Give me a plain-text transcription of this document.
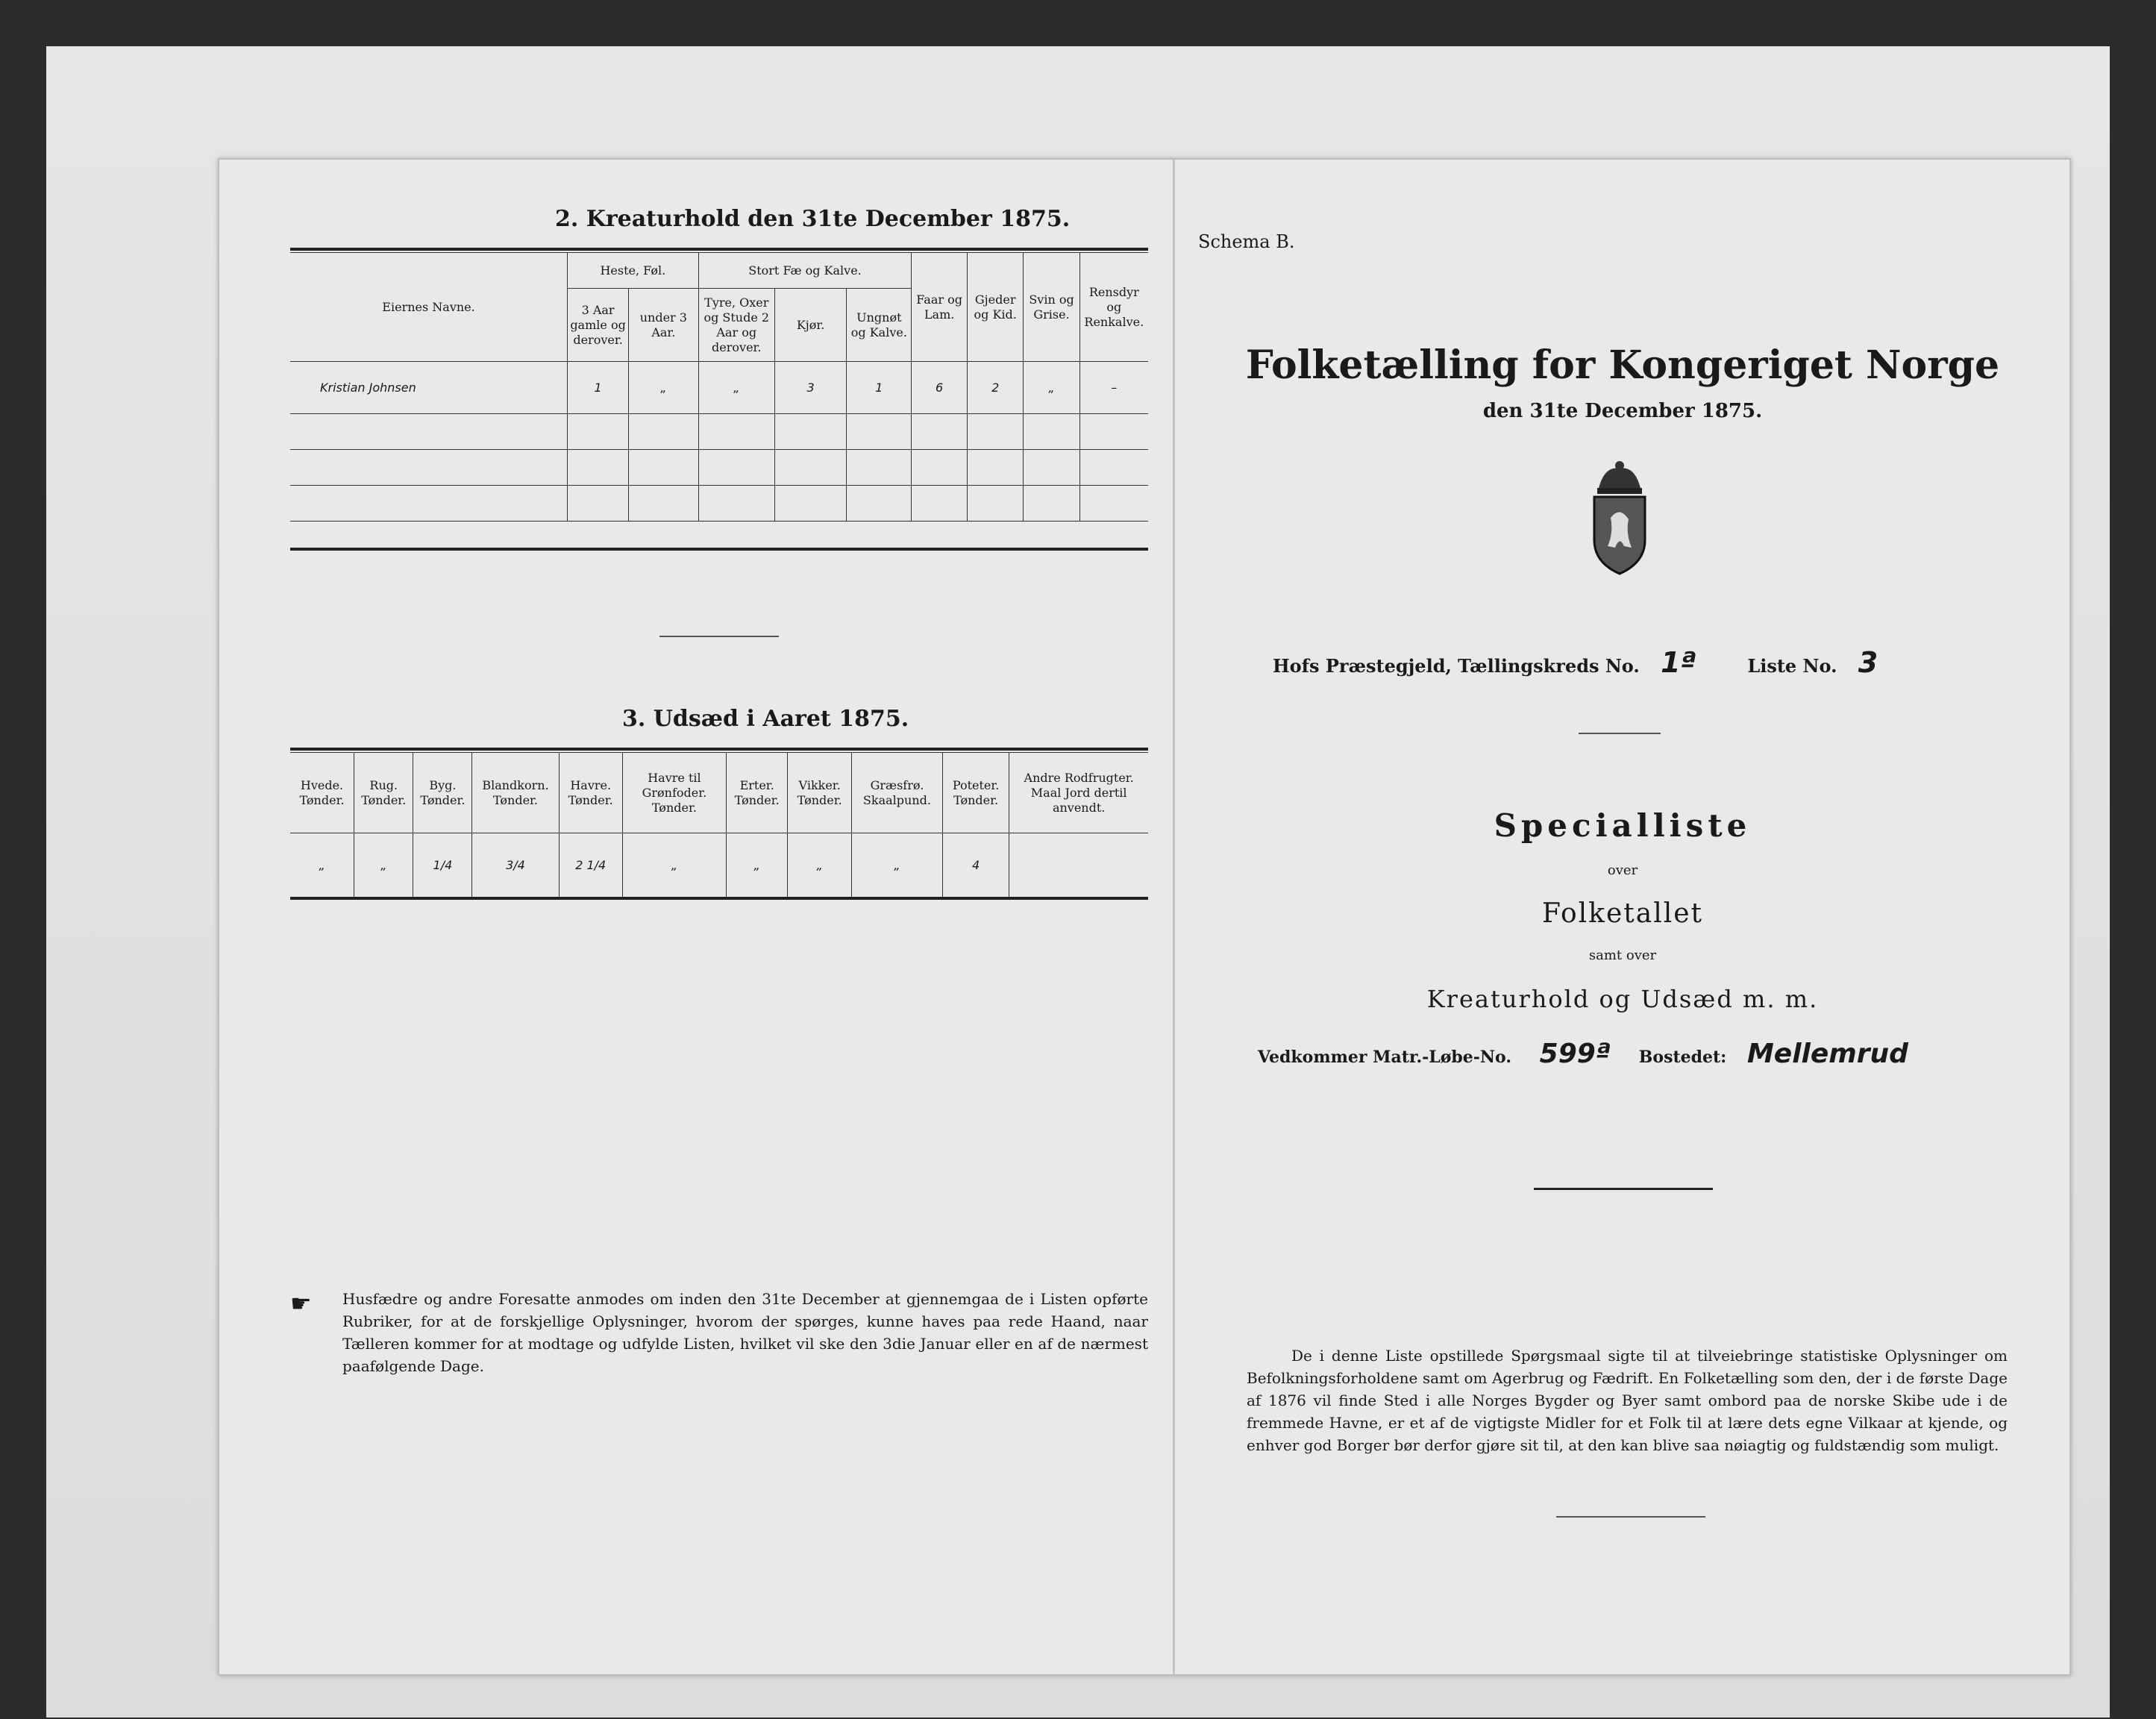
2. Kreaturhold den 31te December 1875.
Eiernes Navne.	Heste, Føl.		Stort Fæ og Kalve.			Faar og Lam.	Gjeder og Kid.	Svin og Grise.	Rensdyr og Renkalve.
	3 Aar gamle og derover.	under 3 Aar.	Tyre, Oxer og Stude 2 Aar og derover.	Kjør.	Ungnøt og Kalve.				
Kristian Johnsen	1	„	„	3	1	6	2	„	–

3. Udsæd i Aaret 1875.
Hvede. Tønder.	Rug. Tønder.	Byg. Tønder.	Blandkorn. Tønder.	Havre. Tønder.	Havre til Grønfoder. Tønder.	Erter. Tønder.	Vikker. Tønder.	Græsfrø. Skaalpund.	Poteter. Tønder.	Andre Rodfrugter. Maal Jord dertil anvendt.
„	„	1/4	3/4	2 1/4	„	„	„	„	4	
☛	Husfædre og andre Foresatte anmodes om inden den 31te December at gjennemgaa de i Listen opførte Rubriker, for at de forskjellige Oplysninger, hvorom der spørges, kunne haves paa rede Haand, naar Tælleren kommer for at modtage og udfylde Listen, hvilket vil ske den 3die Januar eller en af de nærmest paafølgende Dage.
Schema B.
Folketælling for Kongeriget Norge
den 31te December 1875.
Hofs Præstegjeld, Tællingskreds No. 1ª	Liste No. 3
Specialliste
over
Folketallet
samt over
Kreaturhold og Udsæd m. m.
Vedkommer Matr.-Løbe-No. 599ª Bostedet: Mellemrud
De i denne Liste opstillede Spørgsmaal sigte til at tilveiebringe statistiske Oplysninger om Befolkningsforholdene samt om Agerbrug og Fædrift. En Folketælling som den, der i de første Dage af 1876 vil finde Sted i alle Norges Bygder og Byer samt ombord paa de norske Skibe ude i de fremmede Havne, er et af de vigtigste Midler for et Folk til at lære dets egne Vilkaar at kjende, og enhver god Borger bør derfor gjøre sit til, at den kan blive saa nøiagtig og fuldstændig som muligt.
